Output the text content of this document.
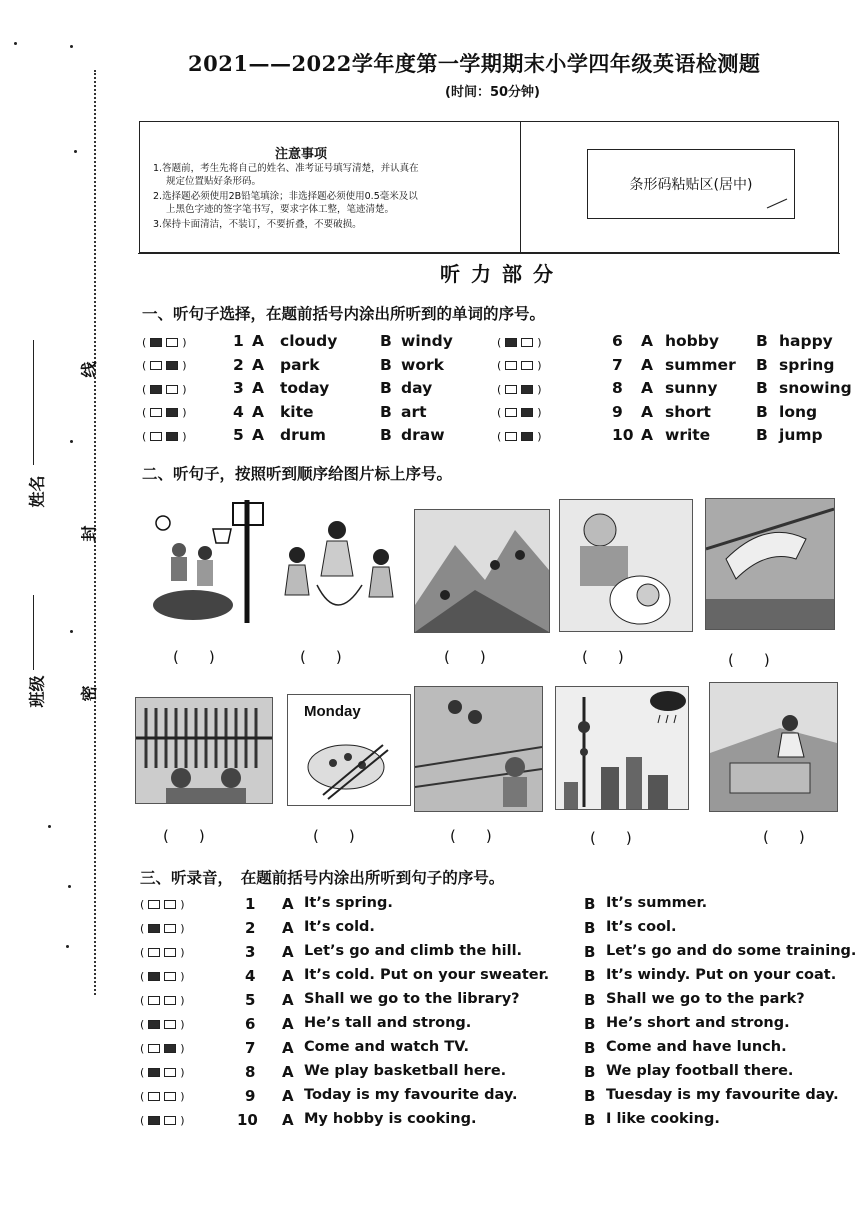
班级
姓名
密
封
线
2021——2022学年度第一学期期末小学四年级英语检测题
(时间：50分钟)
注意事项
1.答题前，考生先将自己的姓名、准考证号填写清楚，并认真在
规定位置贴好条形码。
2.选择题必须使用2B铅笔填涂；非选择题必须使用0.5毫米及以
上黑色字迹的签字笔书写，要求字体工整，笔迹清楚。
3.保持卡面清洁，不装订，不要折叠，不要破损。
条形码粘贴区(居中)
听力部分
一、听句子选择，在题前括号内涂出所听到的单词的序号。
(	)	1 A cloudy	B windy
(	)	2 A park	B work
(	)	3 A today	B day
(	)	4 A kite	B art
(	)	5 A drum	B draw
(	)	6 A hobby B happy
(	)	7 A summer B spring
(	)	8 A sunny B snowing
(	)	9 A short	B long
(	)	10 A write	B jump
二、听句子，按照听到顺序给图片标上序号。
(　　)	(　　)	(　　)	(　　)	(　　)
Monday
(　　)	(　　)	(　　)	(　　)	(　　)
三、听录音，　在题前括号内涂出所听到句子的序号。
(	)	1 A It’s spring.	B It’s summer.
(	)	2 A It’s cold.	B It’s cool.
(	)	3 A Let’s go and climb the hill.	B Let’s go and do some training.
(	)	4 A It’s cold. Put on your sweater. B It’s windy. Put on your coat.
(	)	5 A Shall we go to the library?	B Shall we go to the park?
(	)	6 A He’s tall and strong.	B He’s short and strong.
(	)	7 A Come and watch TV.	B Come and have lunch.
(	)	8 A We play basketball here.	B We play football there.
(	)	9 A Today is my favourite day.	B Tuesday is my favourite day.
(	)	10 A My hobby is cooking.	B I like cooking.
